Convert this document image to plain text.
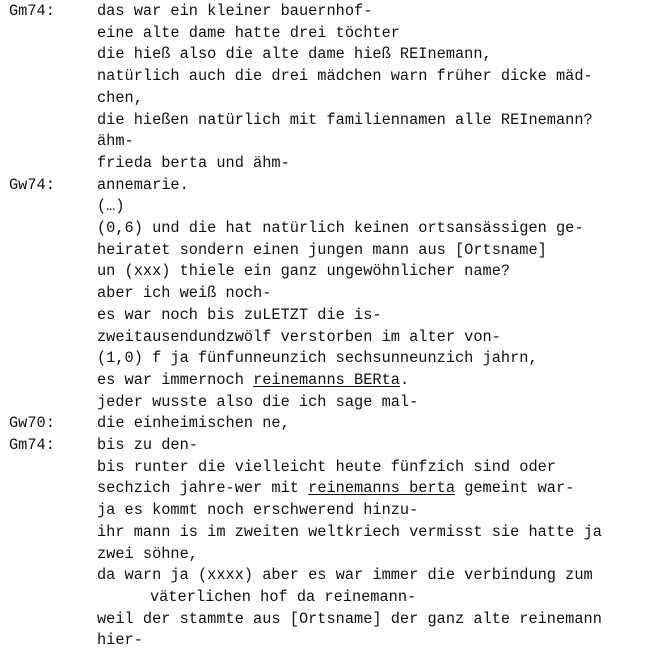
Gm74:	das war ein kleiner bauernhof-
eine alte dame hatte drei töchter
die hieß also die alte dame hieß REInemann,
natürlich auch die drei mädchen warn früher dicke mäd-
chen,
die hießen natürlich mit familiennamen alle REInemann?
ähm-
frieda berta und ähm-
Gw74:	annemarie.
(…)
(0,6) und die hat natürlich keinen ortsansässigen ge-
heiratet sondern einen jungen mann aus [Ortsname]
un (xxx) thiele ein ganz ungewöhnlicher name?
aber ich weiß noch-
es war noch bis zuLETZT die is-
zweitausendundzwölf verstorben im alter von-
(1,0) f ja fünfunneunzich sechsunneunzich jahrn,
es war immernoch reinemanns BERta.
jeder wusste also die ich sage mal-
Gw70:	die einheimischen ne,
Gm74:	bis zu den-
bis runter die vielleicht heute fünfzich sind oder
sechzich jahre-wer mit reinemanns berta gemeint war-
ja es kommt noch erschwerend hinzu-
ihr mann is im zweiten weltkriech vermisst sie hatte ja
zwei söhne,
da warn ja (xxxx) aber es war immer die verbindung zum
väterlichen hof da reinemann-
weil der stammte aus [Ortsname] der ganz alte reinemann
hier-
